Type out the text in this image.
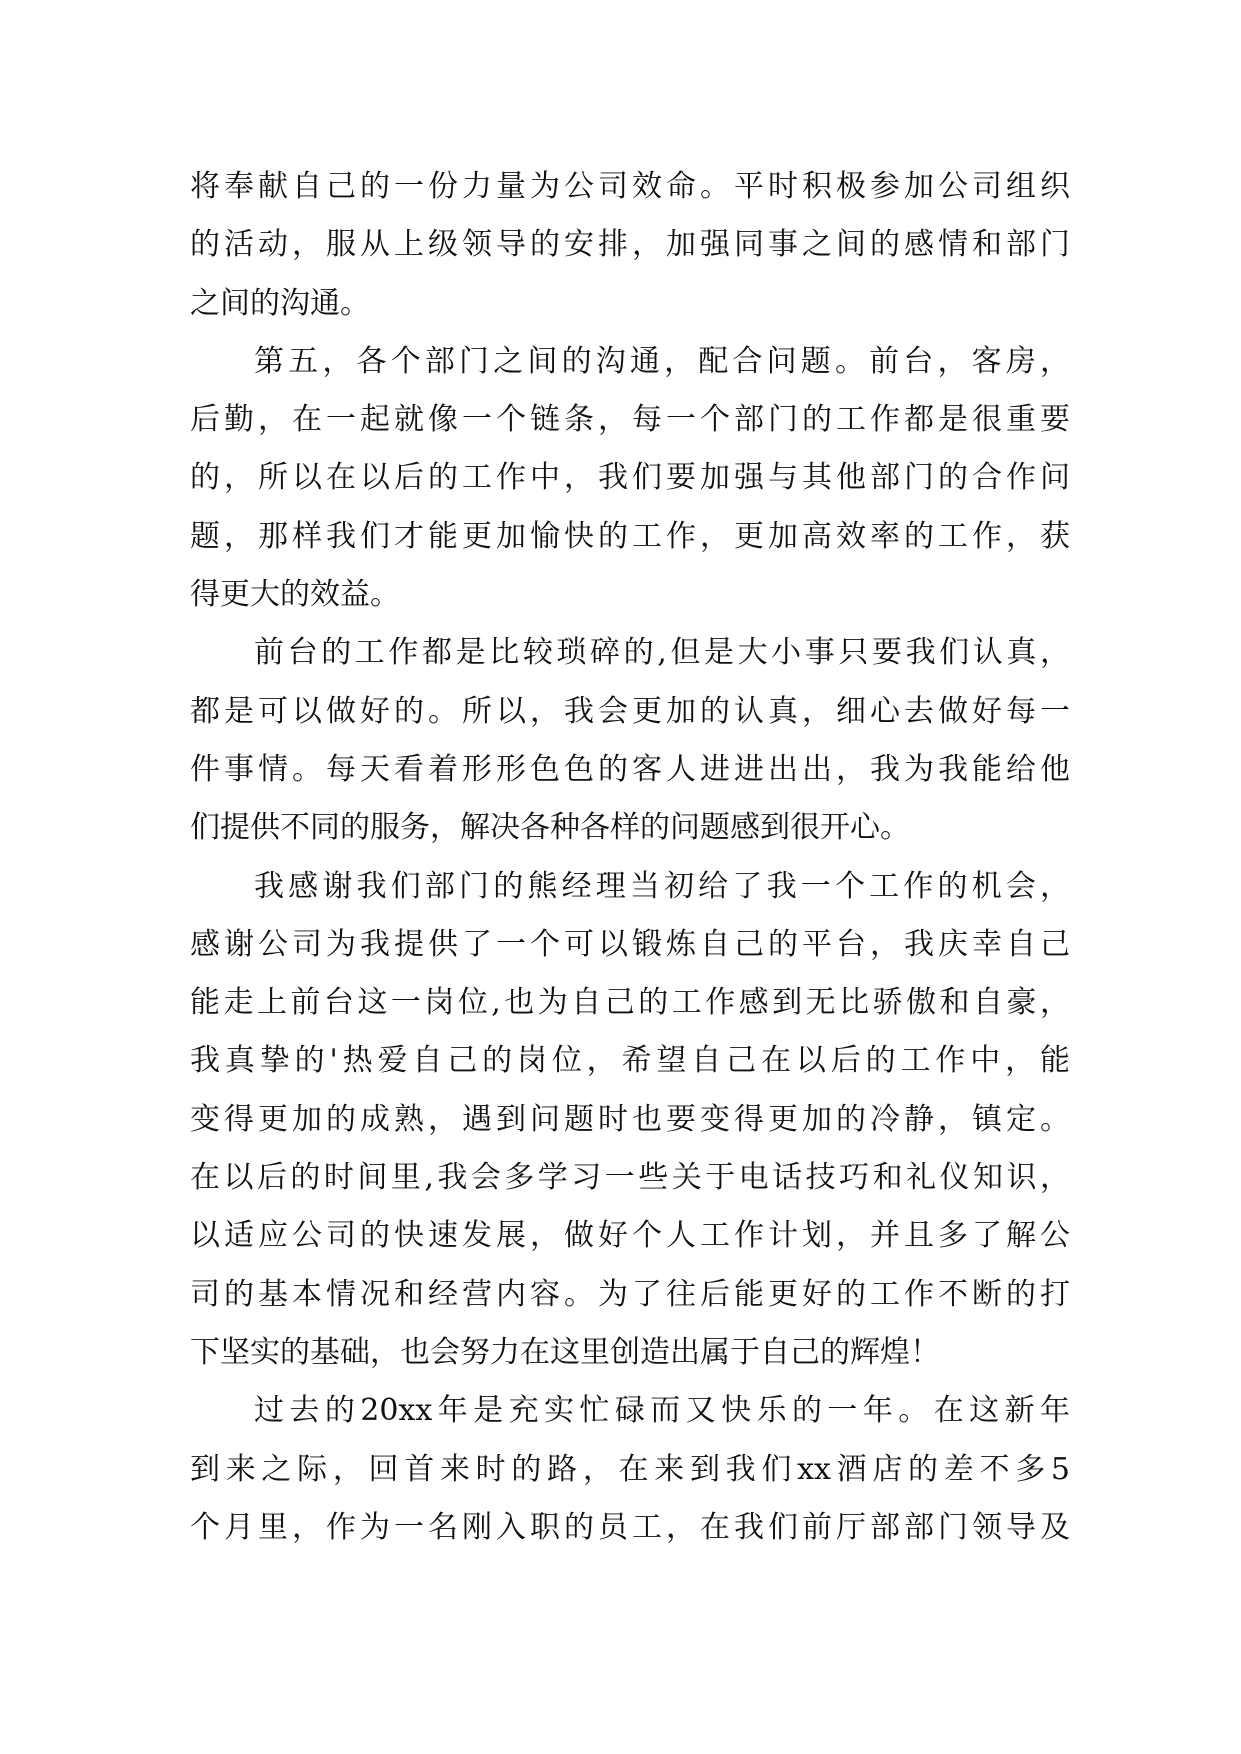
将奉献自己的一份力量为公司效命。平时积极参加公司组织
的活动，服从上级领导的安排，加强同事之间的感情和部门
之间的沟通。
第五，各个部门之间的沟通，配合问题。前台，客房，
后勤，在一起就像一个链条，每一个部门的工作都是很重要
的，所以在以后的工作中，我们要加强与其他部门的合作问
题，那样我们才能更加愉快的工作，更加高效率的工作，获
得更大的效益。
前台的工作都是比较琐碎的,但是大小事只要我们认真，
都是可以做好的。所以，我会更加的认真，细心去做好每一
件事情。每天看着形形色色的客人进进出出，我为我能给他
们提供不同的服务，解决各种各样的问题感到很开心。
我感谢我们部门的熊经理当初给了我一个工作的机会，
感谢公司为我提供了一个可以锻炼自己的平台，我庆幸自己
能走上前台这一岗位,也为自己的工作感到无比骄傲和自豪，
我真挚的'热爱自己的岗位，希望自己在以后的工作中，能
变得更加的成熟，遇到问题时也要变得更加的冷静，镇定。
在以后的时间里,我会多学习一些关于电话技巧和礼仪知识，
以适应公司的快速发展，做好个人工作计划，并且多了解公
司的基本情况和经营内容。为了往后能更好的工作不断的打
下坚实的基础，也会努力在这里创造出属于自己的辉煌！
过去的20xx年是充实忙碌而又快乐的一年。在这新年
到来之际，回首来时的路，在来到我们xx酒店的差不多5
个月里，作为一名刚入职的员工，在我们前厅部部门领导及
